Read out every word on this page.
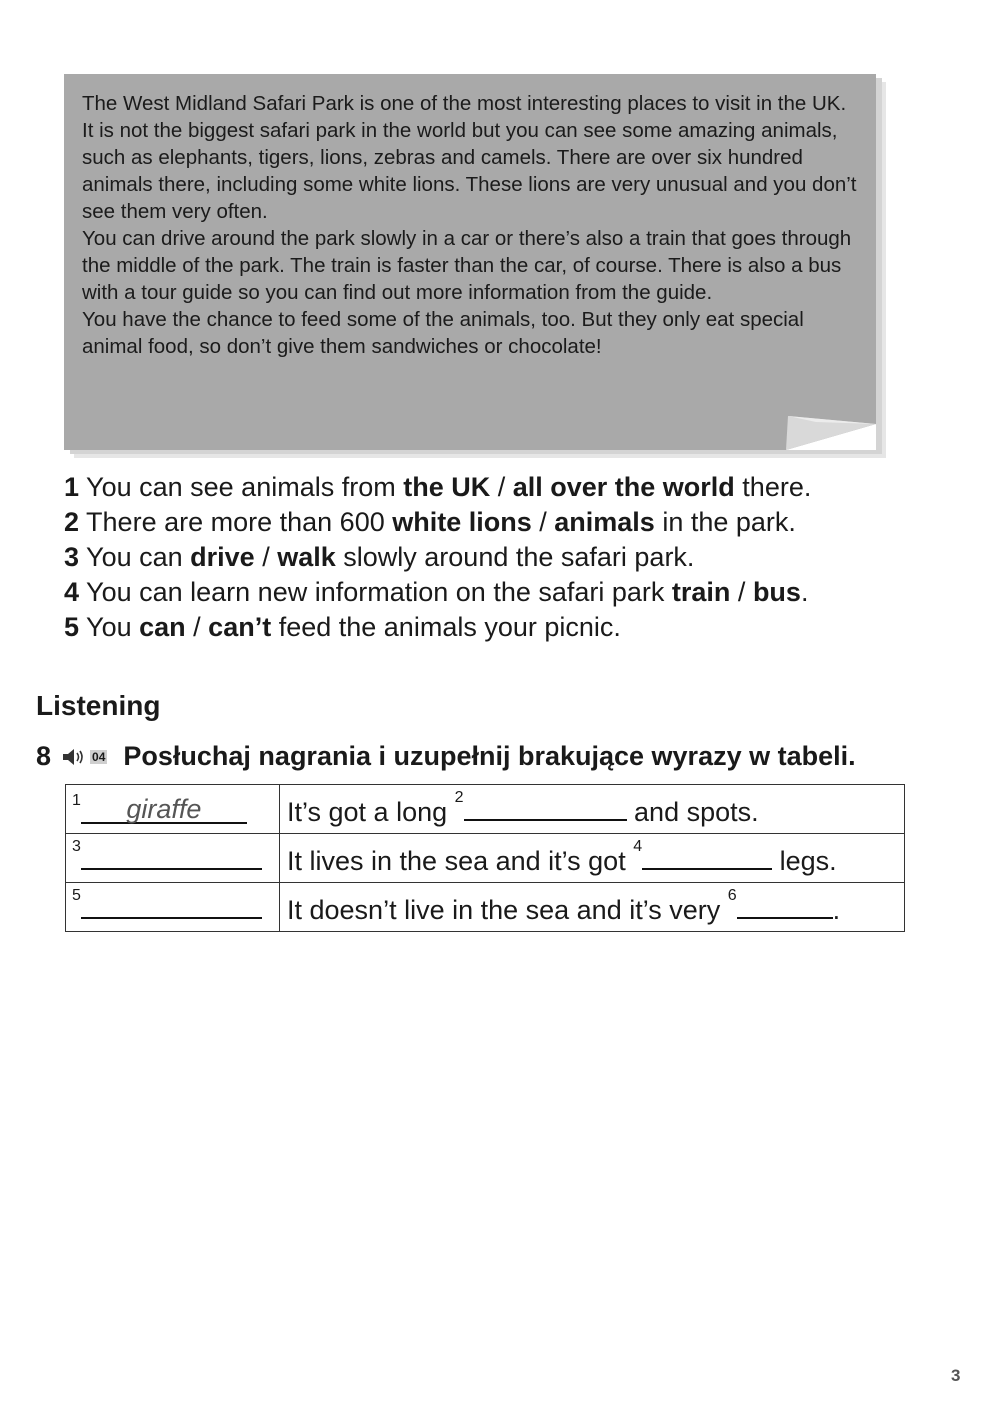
The West Midland Safari Park is one of the most interesting places to visit in the UK.

It is not the biggest safari park in the world but you can see some amazing animals, such as elephants, tigers, lions, zebras and camels. There are over six hundred animals there, including some white lions. These lions are very unusual and you don’t see them very often.

You can drive around the park slowly in a car or there’s also a train that goes through the middle of the park. The train is faster than the car, of course. There is also a bus with a tour guide so you can find out more information from the guide.

You have the chance to feed some of the animals, too. But they only eat special animal food, so don’t give them sandwiches or chocolate!

1 You can see animals from the UK / all over the world there.
2 There are more than 600 white lions / animals in the park.
3 You can drive / walk slowly around the safari park.
4 You can learn new information on the safari park train / bus.
5 You can / can’t feed the animals your picnic.
Listening
8	04 Posłuchaj nagrania i uzupełnij brakujące wyrazy w tabeli.
$^1$ giraffe	It’s got a long $^2$ and spots.
$^3$	It lives in the sea and it’s got $^4$ legs.
$^5$	It doesn’t live in the sea and it’s very $^6$ .
3
